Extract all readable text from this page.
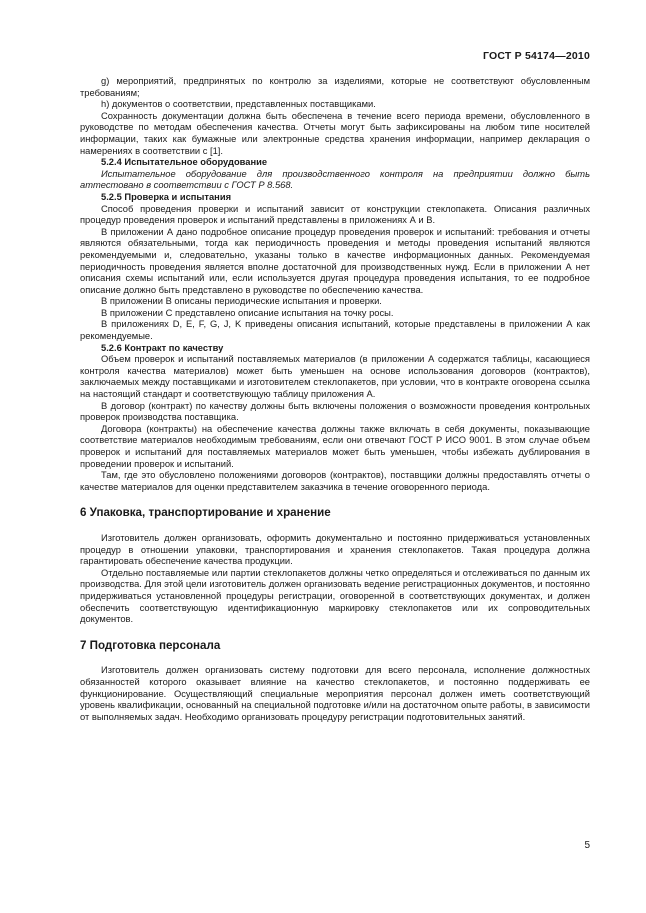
ГОСТ Р 54174—2010

g) мероприятий, предпринятых по контролю за изделиями, которые не соответствуют обусловленным требованиям;

h) документов о соответствии, представленных поставщиками.

Сохранность документации должна быть обеспечена в течение всего периода времени, обусловленного в руководстве по методам обеспечения качества. Отчеты могут быть зафиксированы на любом типе носителей информации, таких как бумажные или электронные средства хранения информации, например декларация о намерениях в соответствии с [1].

5.2.4 Испытательное оборудование

Испытательное оборудование для производственного контроля на предприятии должно быть аттестовано в соответствии с ГОСТ Р 8.568.

5.2.5 Проверка и испытания

Способ проведения проверки и испытаний зависит от конструкции стеклопакета. Описания различных процедур проведения проверок и испытаний представлены в приложениях А и В.

В приложении А дано подробное описание процедур проведения проверок и испытаний: требования и отчеты являются обязательными, тогда как периодичность проведения и методы проведения испытаний являются рекомендуемыми и, следовательно, указаны только в качестве информационных данных. Рекомендуемая периодичность проведения является вполне достаточной для производственных нужд. Если в приложении А нет описания схемы испытаний или, если используется другая процедура проведения испытания, то ее подробное описание должно быть представлено в руководстве по обеспечению качества.

В приложении В описаны периодические испытания и проверки.

В приложении С представлено описание испытания на точку росы.

В приложениях D, E, F, G, J, K приведены описания испытаний, которые представлены в приложении А как рекомендуемые.

5.2.6 Контракт по качеству

Объем проверок и испытаний поставляемых материалов (в приложении А содержатся таблицы, касающиеся контроля качества материалов) может быть уменьшен на основе использования договоров (контрактов), заключаемых между поставщиками и изготовителем стеклопакетов, при условии, что в контракте оговорена ссылка на настоящий стандарт и соответствующую таблицу приложения А.

В договор (контракт) по качеству должны быть включены положения о возможности проведения контрольных проверок производства поставщика.

Договора (контракты) на обеспечение качества должны также включать в себя документы, показывающие соответствие материалов необходимым требованиям, если они отвечают ГОСТ Р ИСО 9001. В этом случае объем проверок и испытаний для поставляемых материалов может быть уменьшен, чтобы избежать дублирования в проведении проверок и испытаний.

Там, где это обусловлено положениями договоров (контрактов), поставщики должны предоставлять отчеты о качестве материалов для оценки представителем заказчика в течение оговоренного периода.

6 Упаковка, транспортирование и хранение

Изготовитель должен организовать, оформить документально и постоянно придерживаться установленных процедур в отношении упаковки, транспортирования и хранения стеклопакетов. Такая процедура должна гарантировать обеспечение качества продукции.

Отдельно поставляемые или партии стеклопакетов должны четко определяться и отслеживаться по данным их производства. Для этой цели изготовитель должен организовать ведение регистрационных документов, и постоянно придерживаться установленной процедуры регистрации, оговоренной в соответствующих документах, и должен обеспечить соответствующую идентификационную маркировку стеклопакетов или их сопроводительных документов.

7 Подготовка персонала

Изготовитель должен организовать систему подготовки для всего персонала, исполнение должностных обязанностей которого оказывает влияние на качество стеклопакетов, и постоянно поддерживать ее функционирование. Осуществляющий специальные мероприятия персонал должен иметь соответствующий уровень квалификации, основанный на специальной подготовке и/или на достаточном опыте работы, в зависимости от выполняемых задач. Необходимо организовать процедуру регистрации подготовительных занятий.

5
